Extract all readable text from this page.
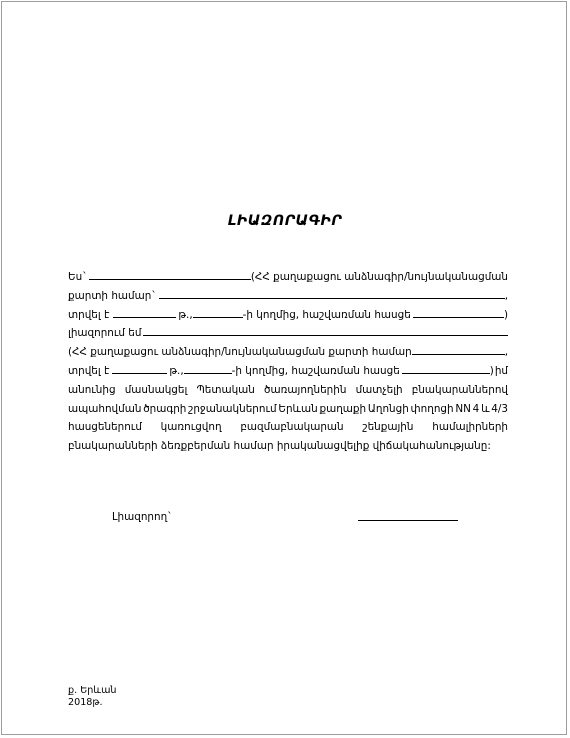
ԼԻԱԶՈՐԱԳԻՐ
Ես`	(ՀՀ քաղաքացու անձնագիր/նույնականացման
քարտի համար`	,
տրվել է	թ.,	-ի կողմից, հաշվառման հասցե	)
լիազորում եմ
(ՀՀ քաղաքացու անձնագիր/նույնականացման քարտի համար	,
տրվել է	թ.,	-ի կողմից, հաշվառման հասցե	) իմ
անունից մասնակցել Պետական ծառայողներին մատչելի բնակարաններով
ապահովման ծրագրի շրջանակներում Երևան քաղաքի Աղոնցի փողոցի NN 4 և 4/3
հասցեներում կառուցվող բազմաբնակարան շենքային համալիրների
բնակարանների ձեռքբերման համար իրականացվելիք վիճակահանությանը:
Լիազորող`
ք. Երևան
2018թ.
